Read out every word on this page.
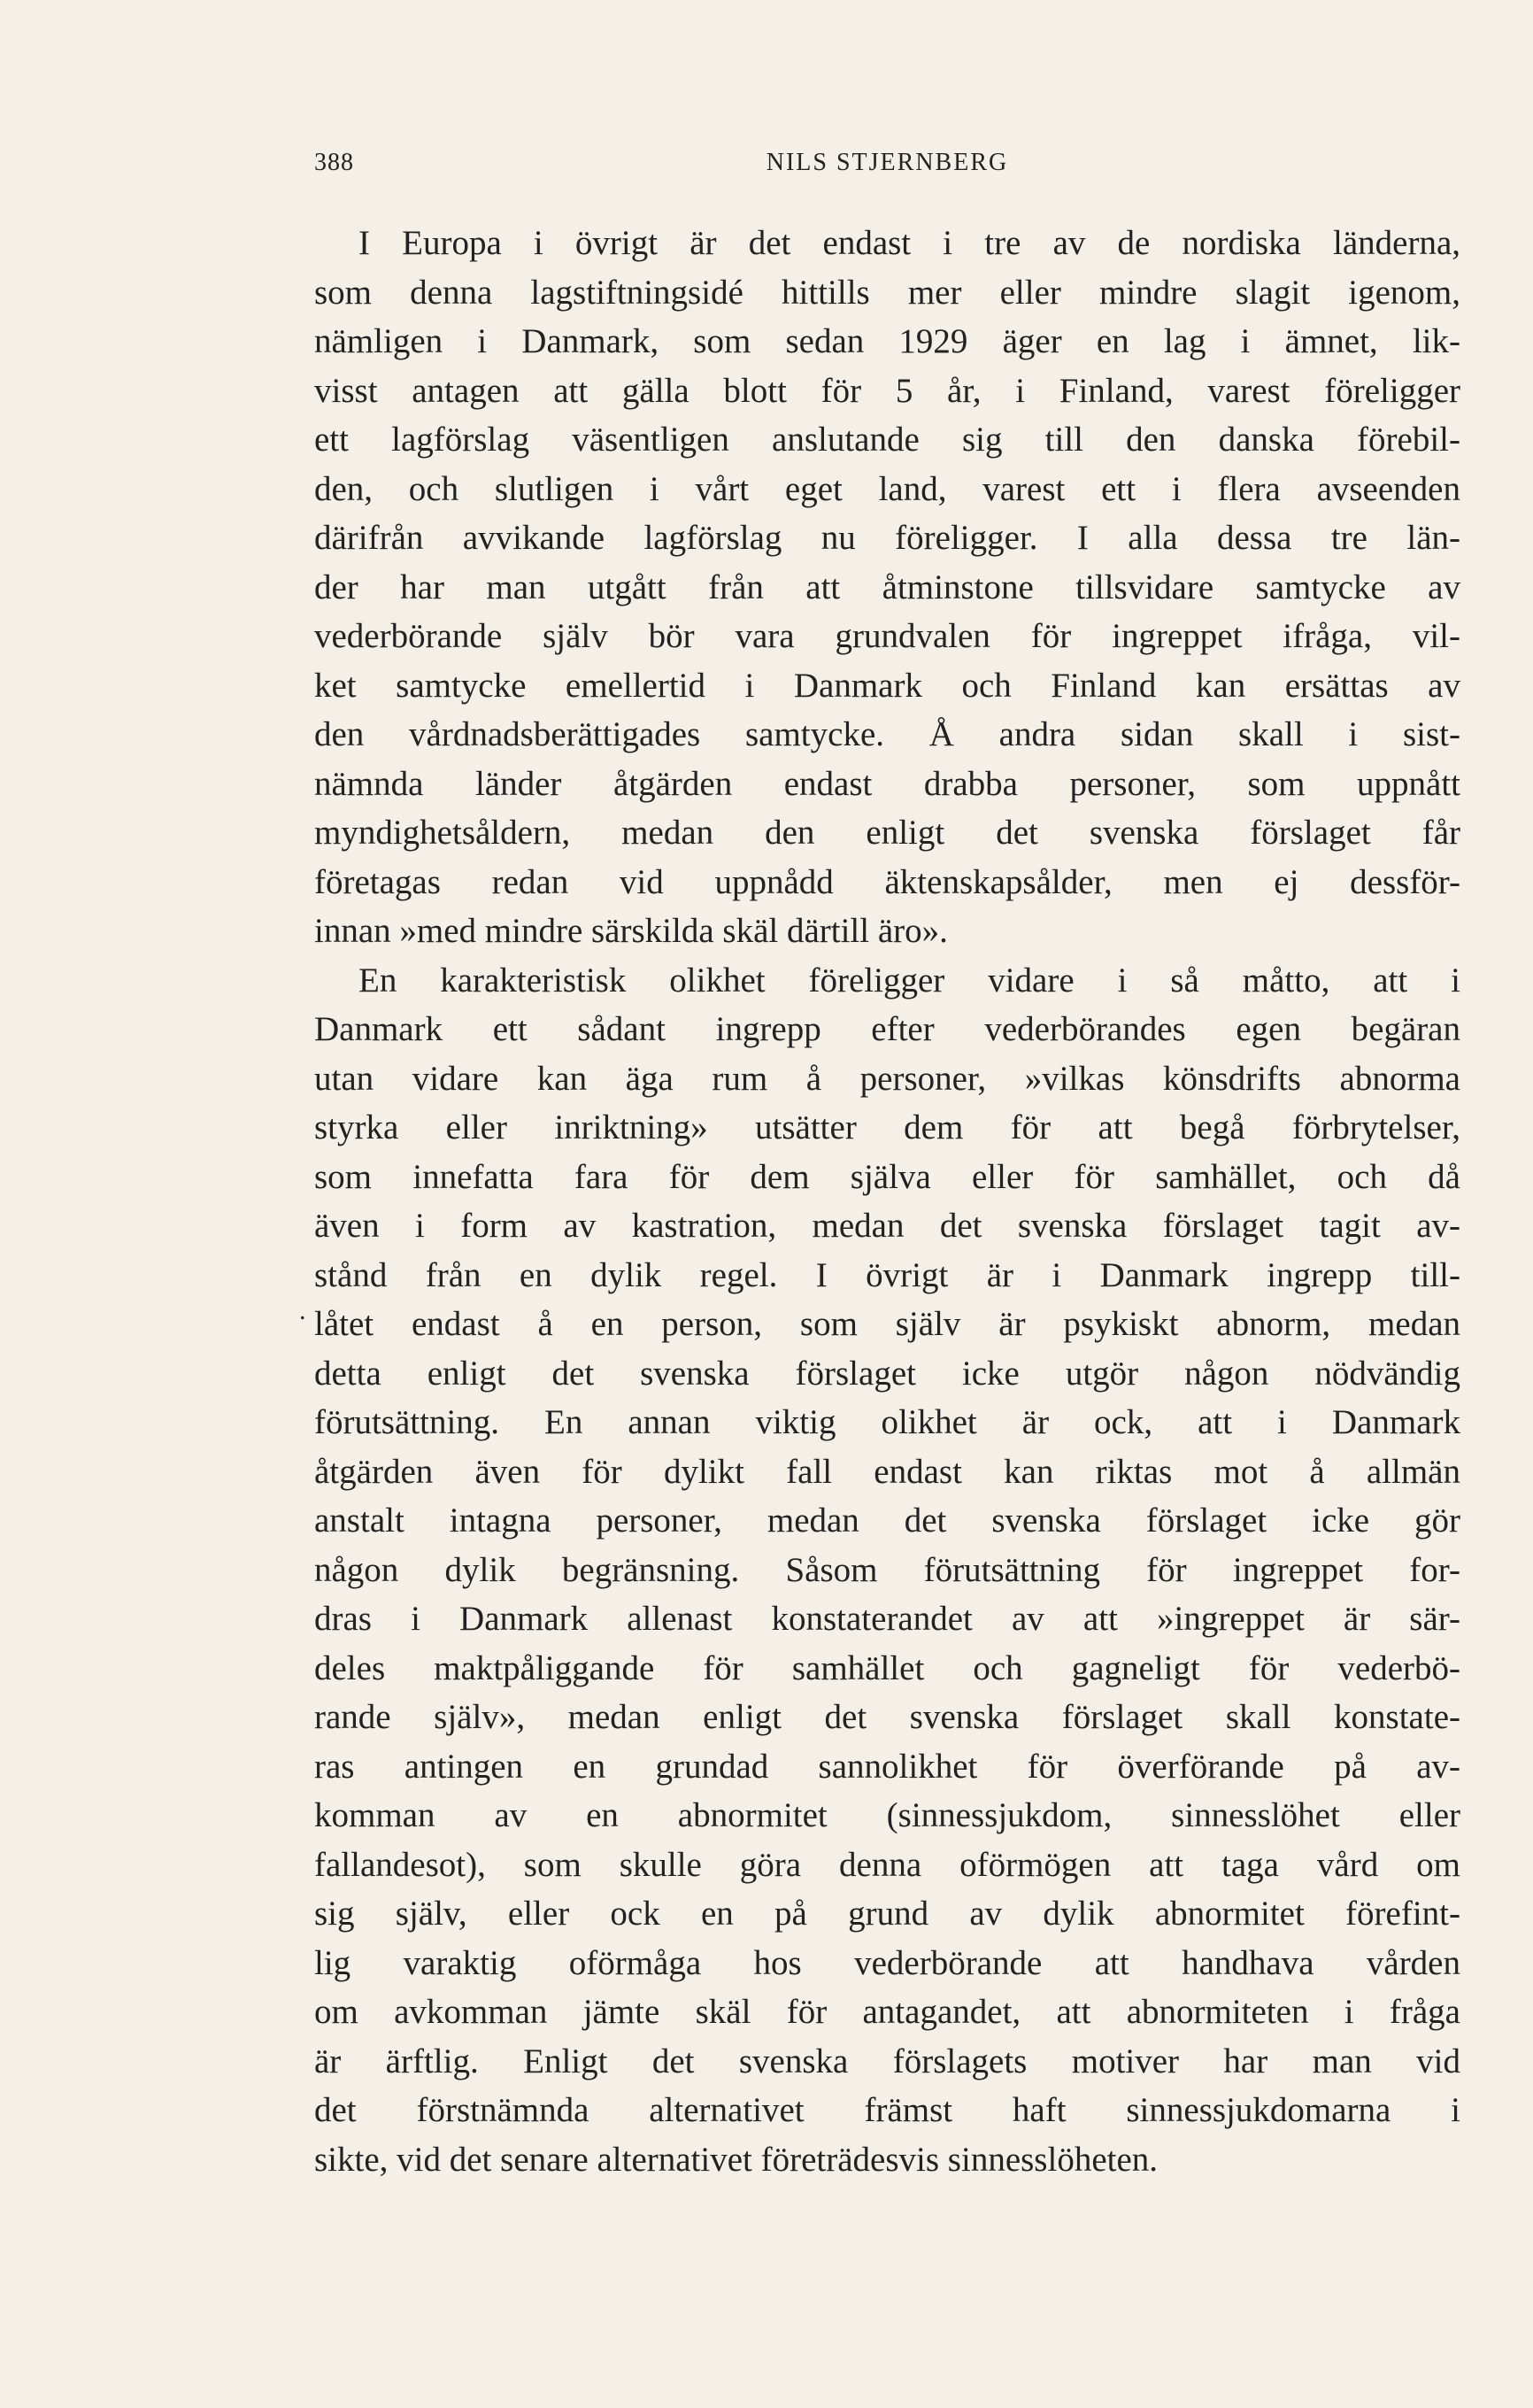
388	NILS STJERNBERG
.
I Europa i övrigt är det endast i tre av de nordiska länderna,
som denna lagstiftningsidé hittills mer eller mindre slagit igenom,
nämligen i Danmark, som sedan 1929 äger en lag i ämnet, lik-
visst antagen att gälla blott för 5 år, i Finland, varest föreligger
ett lagförslag väsentligen anslutande sig till den danska förebil-
den, och slutligen i vårt eget land, varest ett i flera avseenden
därifrån avvikande lagförslag nu föreligger. I alla dessa tre län-
der har man utgått från att åtminstone tillsvidare samtycke av
vederbörande själv bör vara grundvalen för ingreppet ifråga, vil-
ket samtycke emellertid i Danmark och Finland kan ersättas av
den vårdnadsberättigades samtycke. Å andra sidan skall i sist-
nämnda länder åtgärden endast drabba personer, som uppnått
myndighetsåldern, medan den enligt det svenska förslaget får
företagas redan vid uppnådd äktenskapsålder, men ej dessför-
innan »med mindre särskilda skäl därtill äro».
En karakteristisk olikhet föreligger vidare i så måtto, att i
Danmark ett sådant ingrepp efter vederbörandes egen begäran
utan vidare kan äga rum å personer, »vilkas könsdrifts abnorma
styrka eller inriktning» utsätter dem för att begå förbrytelser,
som innefatta fara för dem själva eller för samhället, och då
även i form av kastration, medan det svenska förslaget tagit av-
stånd från en dylik regel. I övrigt är i Danmark ingrepp till-
låtet endast å en person, som själv är psykiskt abnorm, medan
detta enligt det svenska förslaget icke utgör någon nödvändig
förutsättning. En annan viktig olikhet är ock, att i Danmark
åtgärden även för dylikt fall endast kan riktas mot å allmän
anstalt intagna personer, medan det svenska förslaget icke gör
någon dylik begränsning. Såsom förutsättning för ingreppet for-
dras i Danmark allenast konstaterandet av att »ingreppet är sär-
deles maktpåliggande för samhället och gagneligt för vederbö-
rande själv», medan enligt det svenska förslaget skall konstate-
ras antingen en grundad sannolikhet för överförande på av-
komman av en abnormitet (sinnessjukdom, sinnesslöhet eller
fallandesot), som skulle göra denna oförmögen att taga vård om
sig själv, eller ock en på grund av dylik abnormitet förefint-
lig varaktig oförmåga hos vederbörande att handhava vården
om avkomman jämte skäl för antagandet, att abnormiteten i fråga
är ärftlig. Enligt det svenska förslagets motiver har man vid
det förstnämnda alternativet främst haft sinnessjukdomarna i
sikte, vid det senare alternativet företrädesvis sinnesslöheten.
